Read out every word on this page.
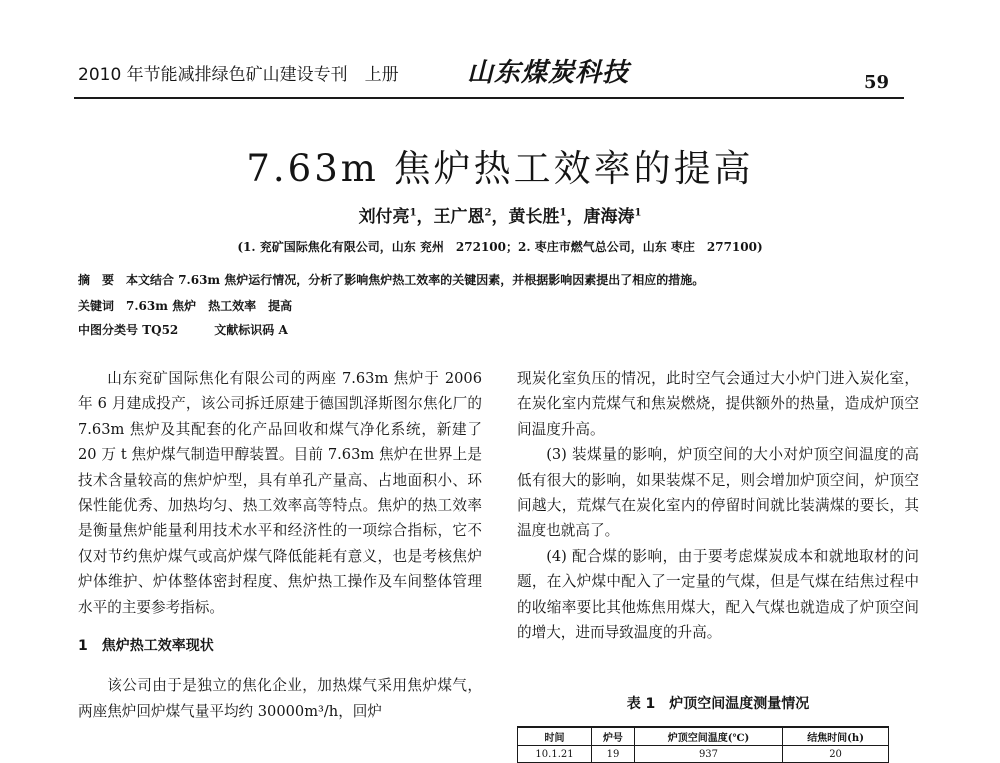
2010 年节能减排绿色矿山建设专刊　上册	山东煤炭科技	59
7.63m 焦炉热工效率的提高
刘付亮$^1$，王广恩$^2$，黄长胜$^1$，唐海涛$^1$
(1. 兖矿国际焦化有限公司，山东 兖州　272100；2. 枣庄市燃气总公司，山东 枣庄　277100)
摘　要 本文结合 7.63m 焦炉运行情况，分析了影响焦炉热工效率的关键因素，并根据影响因素提出了相应的措施。
关键词 7.63m 焦炉　热工效率　提高
中图分类号 TQ52	文献标识码 A

山东兖矿国际焦化有限公司的两座 7.63m 焦炉于 2006 年 6 月建成投产，该公司拆迁原建于德国凯泽斯图尔焦化厂的 7.63m 焦炉及其配套的化产品回收和煤气净化系统，新建了 20 万 t 焦炉煤气制造甲醇装置。目前 7.63m 焦炉在世界上是技术含量较高的焦炉炉型，具有单孔产量高、占地面积小、环保性能优秀、加热均匀、热工效率高等特点。焦炉的热工效率是衡量焦炉能量利用技术水平和经济性的一项综合指标，它不仅对节约焦炉煤气或高炉煤气降低能耗有意义，也是考核焦炉炉体维护、炉体整体密封程度、焦炉热工操作及车间整体管理水平的主要参考指标。

1　焦炉热工效率现状

该公司由于是独立的焦化企业，加热煤气采用焦炉煤气，两座焦炉回炉煤气量平均约 30000m³/h，回炉

现炭化室负压的情况，此时空气会通过大小炉门进入炭化室，在炭化室内荒煤气和焦炭燃烧，提供额外的热量，造成炉顶空间温度升高。

(3) 装煤量的影响，炉顶空间的大小对炉顶空间温度的高低有很大的影响，如果装煤不足，则会增加炉顶空间，炉顶空间越大，荒煤气在炭化室内的停留时间就比装满煤的要长，其温度也就高了。

(4) 配合煤的影响，由于要考虑煤炭成本和就地取材的问题，在入炉煤中配入了一定量的气煤，但是气煤在结焦过程中的收缩率要比其他炼焦用煤大，配入气煤也就造成了炉顶空间的增大，进而导致温度的升高。

表 1　炉顶空间温度测量情况
时间	炉号	炉顶空间温度(℃)	结焦时间(h)
10.1.21	19	937	20
